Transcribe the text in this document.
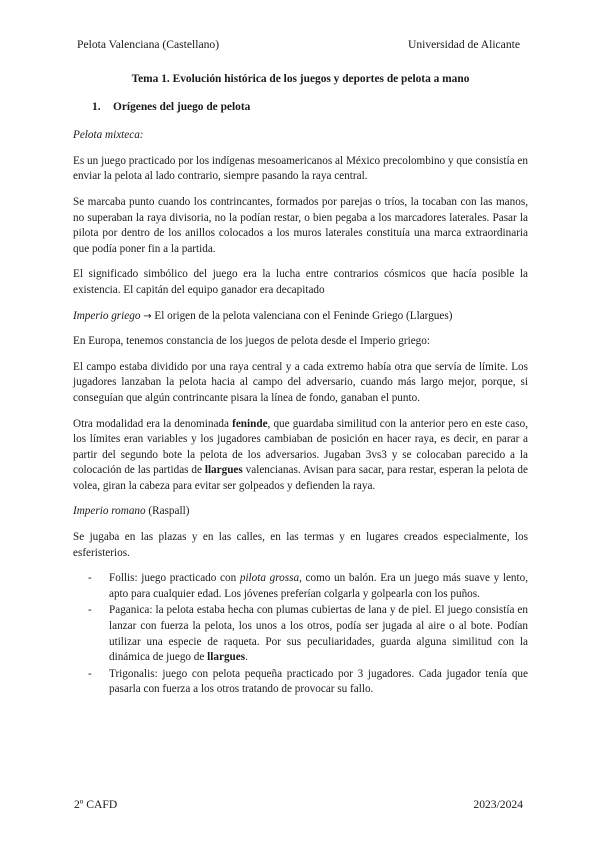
Pelota Valenciana (Castellano)	Universidad de Alicante
Tema 1. Evolución histórica de los juegos y deportes de pelota a mano
1. Orígenes del juego de pelota

Pelota mixteca:

Es un juego practicado por los indígenas mesoamericanos al México precolombino y que consistía en enviar la pelota al lado contrario, siempre pasando la raya central.

Se marcaba punto cuando los contrincantes, formados por parejas o tríos, la tocaban con las manos, no superaban la raya divisoria, no la podían restar, o bien pegaba a los marcadores laterales. Pasar la pilota por dentro de los anillos colocados a los muros laterales constituía una marca extraordinaria que podía poner fin a la partida.

El significado simbólico del juego era la lucha entre contrarios cósmicos que hacía posible la existencia. El capitán del equipo ganador era decapitado

Imperio griego → El origen de la pelota valenciana con el Feninde Griego (Llargues)

En Europa, tenemos constancia de los juegos de pelota desde el Imperio griego:

El campo estaba dividido por una raya central y a cada extremo había otra que servía de límite. Los jugadores lanzaban la pelota hacia al campo del adversario, cuando más largo mejor, porque, si conseguían que algún contrincante pisara la línea de fondo, ganaban el punto.

Otra modalidad era la denominada feninde, que guardaba similitud con la anterior pero en este caso, los límites eran variables y los jugadores cambiaban de posición en hacer raya, es decir, en parar a partir del segundo bote la pelota de los adversarios. Jugaban 3vs3 y se colocaban parecido a la colocación de las partidas de llargues valencianas. Avisan para sacar, para restar, esperan la pelota de volea, giran la cabeza para evitar ser golpeados y defienden la raya.

Imperio romano (Raspall)

Se jugaba en las plazas y en las calles, en las termas y en lugares creados especialmente, los esferisterios.

- Follis: juego practicado con pilota grossa, como un balón. Era un juego más suave y lento, apto para cualquier edad. Los jóvenes preferían colgarla y golpearla con los puños.
- Paganica: la pelota estaba hecha con plumas cubiertas de lana y de piel. El juego consistía en lanzar con fuerza la pelota, los unos a los otros, podía ser jugada al aire o al bote. Podían utilizar una especie de raqueta. Por sus peculiaridades, guarda alguna similitud con la dinámica de juego de llargues.
- Trigonalis: juego con pelota pequeña practicado por 3 jugadores. Cada jugador tenía que pasarla con fuerza a los otros tratando de provocar su fallo.
2º CAFD	2023/2024
